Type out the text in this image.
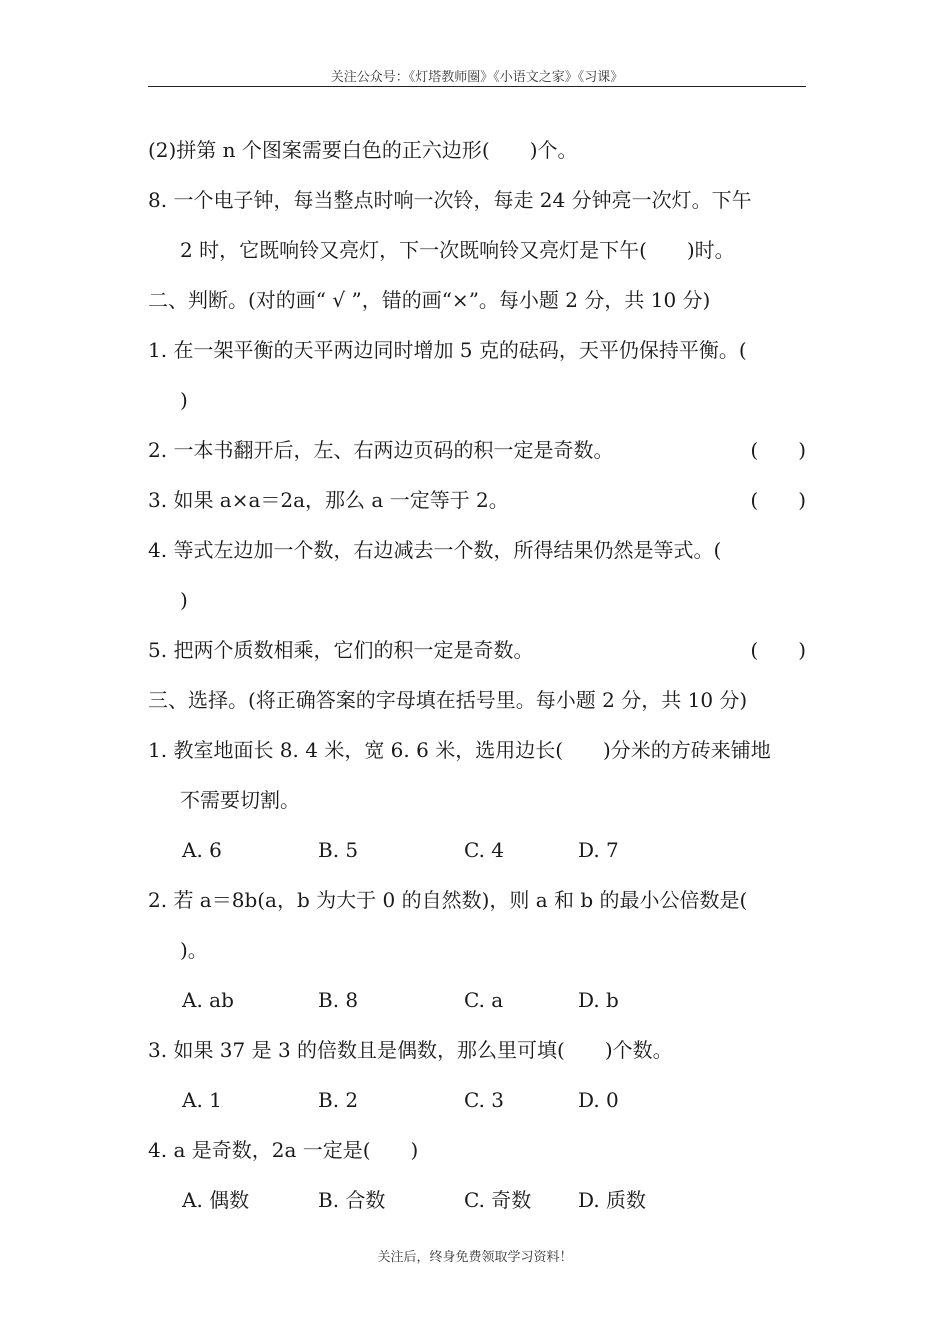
关注公众号：《灯塔教师圈》《小语文之家》《习课》
(2)拼第 n 个图案需要白色的正六边形(　　)个。
8. 一个电子钟，每当整点时响一次铃，每走 24 分钟亮一次灯。下午
2 时，它既响铃又亮灯，下一次既响铃又亮灯是下午(　　)时。
二、判断。(对的画“ √ ”，错的画“×”。每小题 2 分，共 10 分)
1. 在一架平衡的天平两边同时增加 5 克的砝码，天平仍保持平衡。(
)
2. 一本书翻开后，左、右两边页码的积一定是奇数。	(　　)
3. 如果 a×a＝2a，那么 a 一定等于 2。	(　　)
4. 等式左边加一个数，右边减去一个数，所得结果仍然是等式。(
)
5. 把两个质数相乘，它们的积一定是奇数。	(　　)
三、选择。(将正确答案的字母填在括号里。每小题 2 分，共 10 分)
1. 教室地面长 8. 4 米，宽 6. 6 米，选用边长(　　)分米的方砖来铺地
不需要切割。
A. 6	B. 5	C. 4	D. 7
2. 若 a＝8b(a，b 为大于 0 的自然数)，则 a 和 b 的最小公倍数是(
)。
A. ab	B. 8	C. a	D. b
3. 如果 37 是 3 的倍数且是偶数，那么里可填(　　)个数。
A. 1	B. 2	C. 3	D. 0
4. a 是奇数，2a 一定是(　　)
A. 偶数	B. 合数	C. 奇数 D. 质数
关注后，终身免费领取学习资料！
